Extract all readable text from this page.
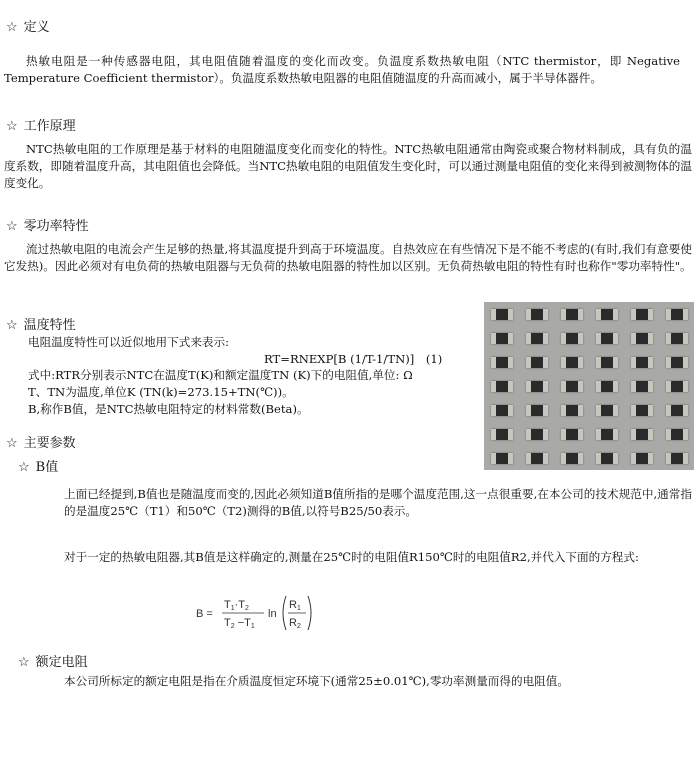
☆ 定义
热敏电阻是一种传感器电阻，其电阻值随着温度的变化而改变。负温度系数热敏电阻（NTC thermistor，即 Negative Temperature Coefficient thermistor）。负温度系数热敏电阻器的电阻值随温度的升高而减小，属于半导体器件。
☆ 工作原理
NTC热敏电阻的工作原理是基于材料的电阻随温度变化而变化的特性。NTC热敏电阻通常由陶瓷或聚合物材料制成，具有负的温度系数，即随着温度升高，其电阻值也会降低。当NTC热敏电阻的电阻值发生变化时，可以通过测量电阻值的变化来得到被测物体的温度变化。
☆ 零功率特性
流过热敏电阻的电流会产生足够的热量,将其温度提升到高于环境温度。自热效应在有些情况下是不能不考虑的(有时,我们有意要使它发热)。因此必须对有电负荷的热敏电阻器与无负荷的热敏电阻器的特性加以区别。无负荷热敏电阻的特性有时也称作"零功率特性"。
☆ 温度特性
电阻温度特性可以近似地用下式来表示:
RT=RNEXP[B (1/T-1/TN)]　(1)
式中:RTR分别表示NTC在温度T(K)和额定温度TN (K)下的电阻值,单位: Ω
T、TN为温度,单位K (TN(k)=273.15+TN(℃))。
B,称作B值，是NTC热敏电阻特定的材料常数(Beta)。
☆ 主要参数
☆ B值
上面已经提到,B值也是随温度而变的,因此必须知道B值所指的是哪个温度范围,这一点很重要,在本公司的技术规范中,通常指的是温度25℃（T1）和50℃（T2)测得的B值,以符号B25/50表示。
对于一定的热敏电阻器,其B值是这样确定的,测量在25℃时的电阻值R150℃时的电阻值R2,并代入下面的方程式:
B =
T1·T2
T2 −T1
ln
R1
R2
☆ 额定电阻
本公司所标定的额定电阻是指在介质温度恒定环境下(通常25±0.01℃),零功率测量而得的电阻值。
